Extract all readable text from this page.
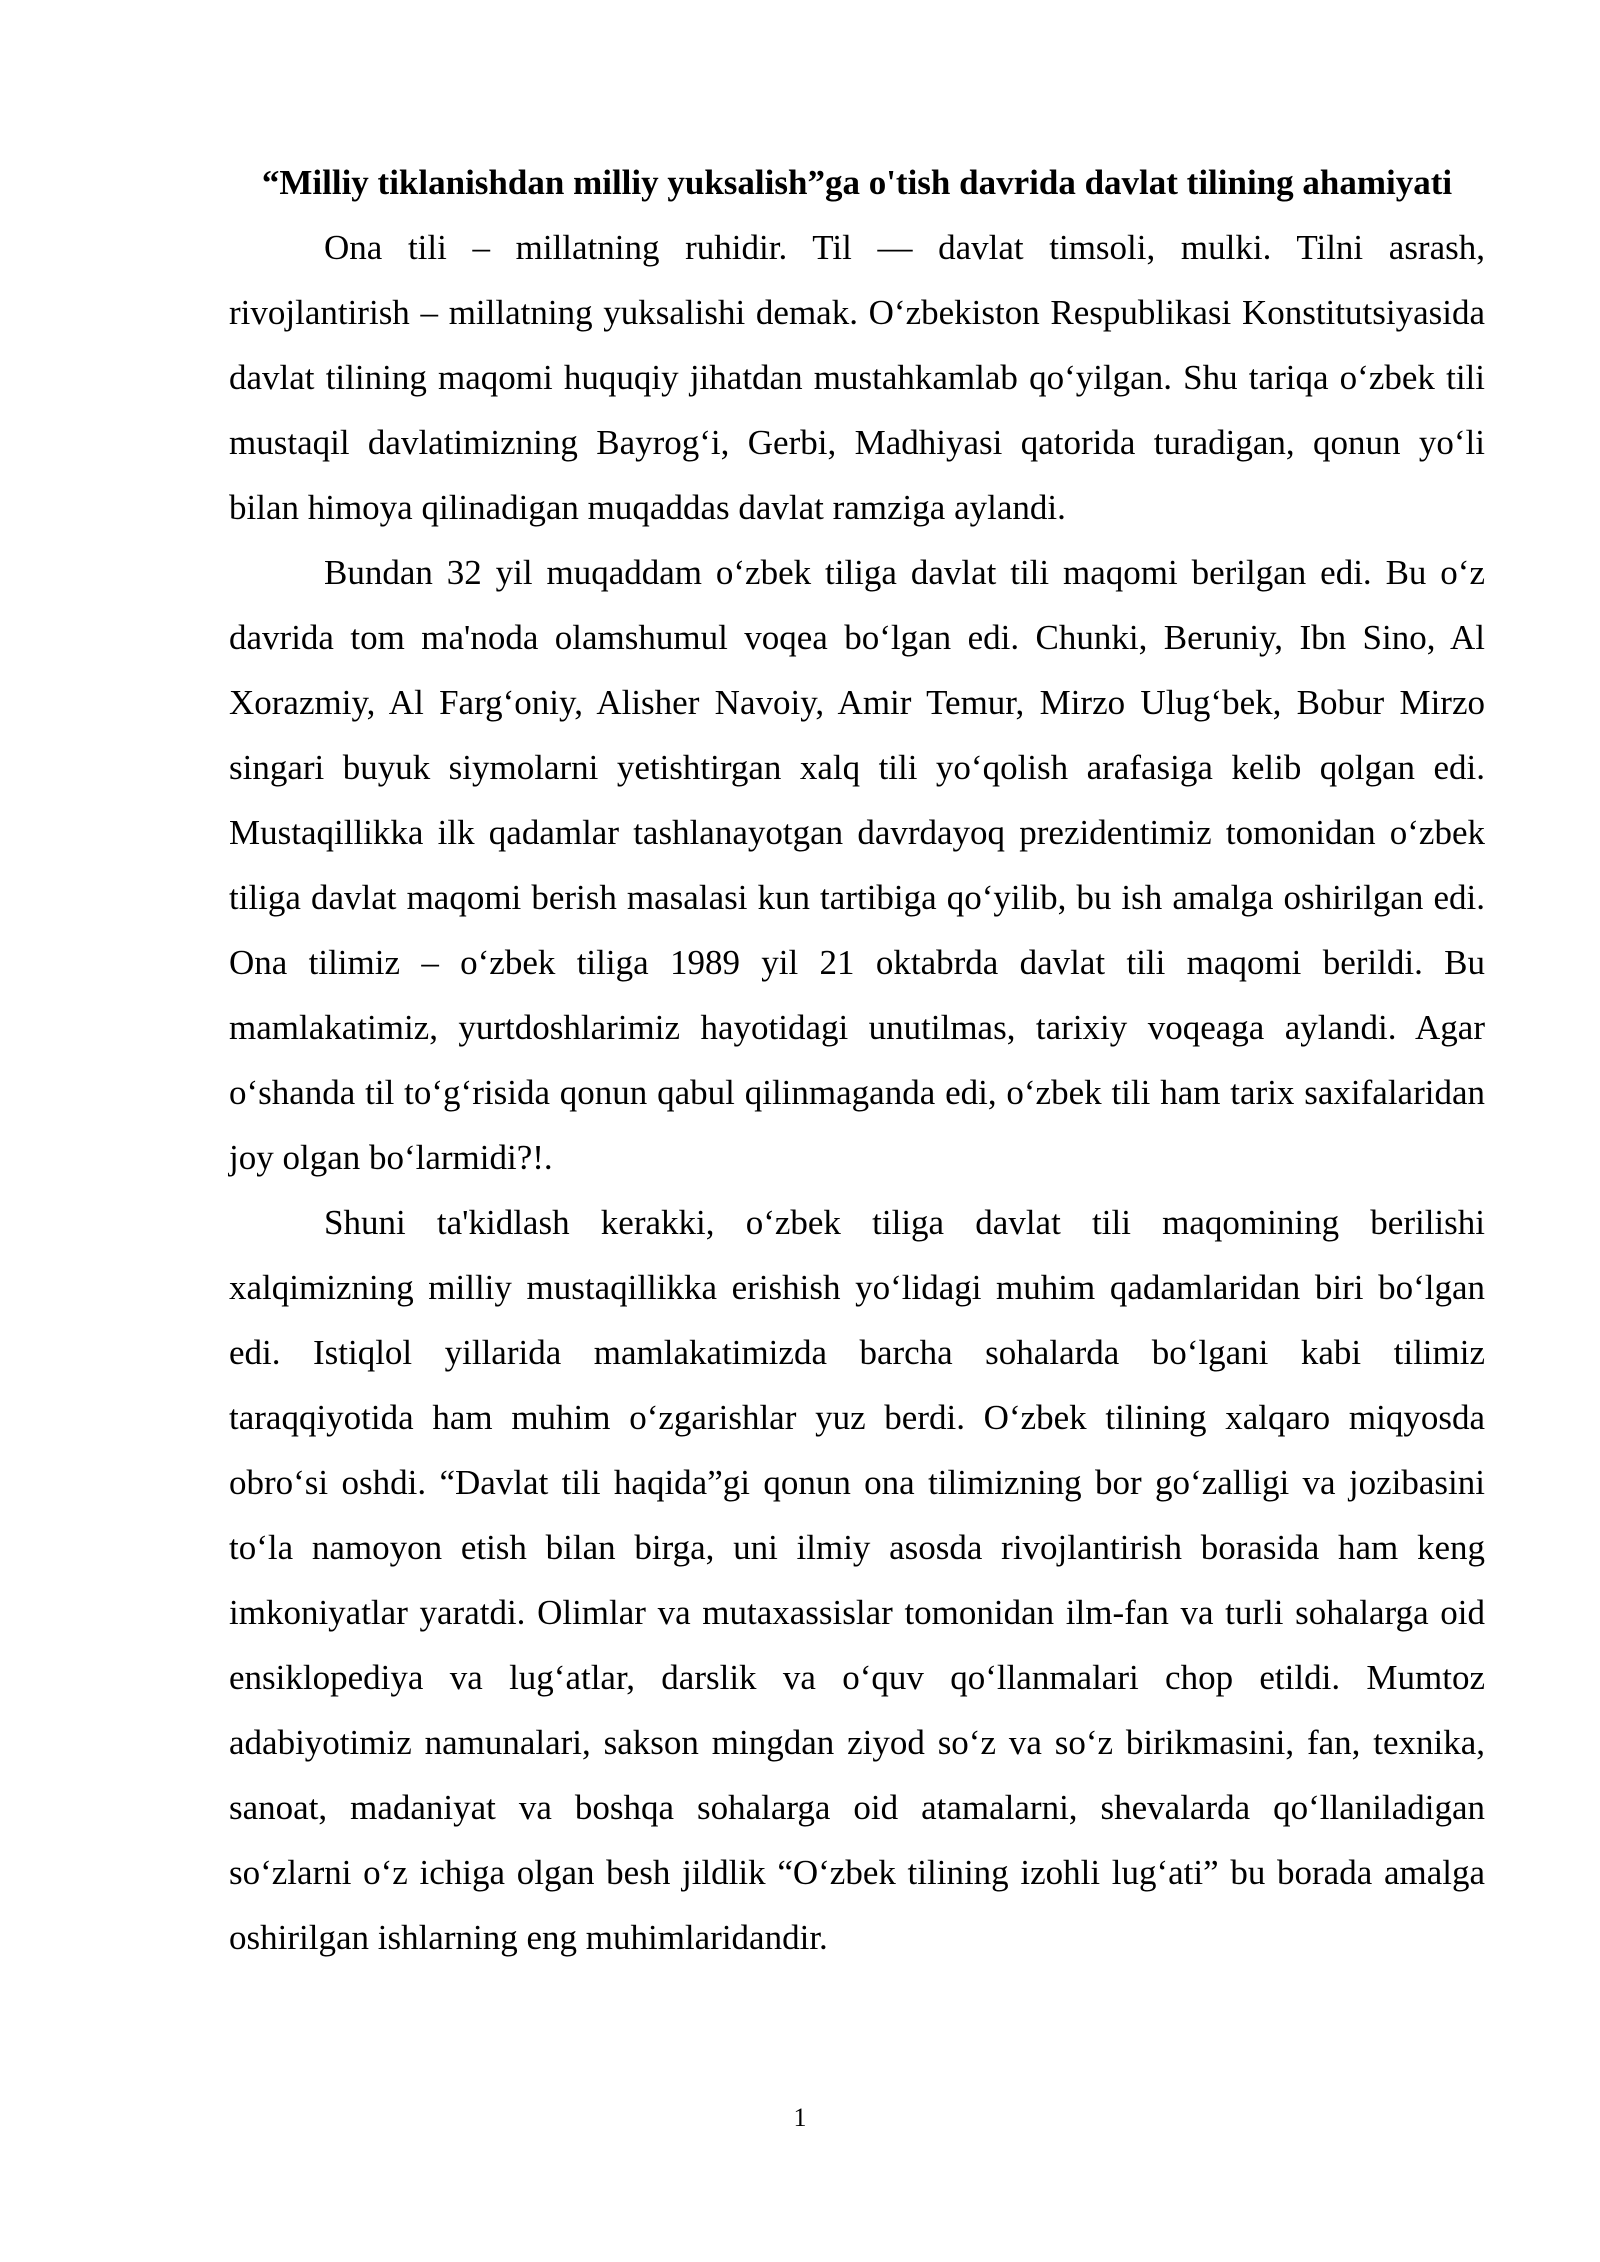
“Milliy tiklanishdan milliy yuksalish”ga o'tish davrida davlat tilining ahamiyati

Ona tili – millatning ruhidir. Til — davlat timsoli, mulki. Tilni asrash, rivojlantirish – millatning yuksalishi demak. O‘zbekiston Respublikasi Konstitutsiyasida davlat tilining maqomi huquqiy jihatdan mustahkamlab qo‘yilgan. Shu tariqa o‘zbek tili mustaqil davlatimizning Bayrog‘i, Gerbi, Madhiyasi qatorida turadigan, qonun yo‘li bilan himoya qilinadigan muqaddas davlat ramziga aylandi.

Bundan 32 yil muqaddam o‘zbek tiliga davlat tili maqomi berilgan edi. Bu o‘z davrida tom ma'noda olamshumul voqea bo‘lgan edi. Chunki, Beruniy, Ibn Sino, Al Xorazmiy, Al Farg‘oniy, Alisher Navoiy, Amir Temur, Mirzo Ulug‘bek, Bobur Mirzo singari buyuk siymolarni yetishtirgan xalq tili yo‘qolish arafasiga kelib qolgan edi. Mustaqillikka ilk qadamlar tashlanayotgan davrdayoq prezidentimiz tomonidan o‘zbek tiliga davlat maqomi berish masalasi kun tartibiga qo‘yilib, bu ish amalga oshirilgan edi. Ona tilimiz – o‘zbek tiliga 1989 yil 21 oktabrda davlat tili maqomi berildi. Bu mamlakatimiz, yurtdoshlarimiz hayotidagi unutilmas, tarixiy voqeaga aylandi. Agar o‘shanda til to‘g‘risida qonun qabul qilinmaganda edi, o‘zbek tili ham tarix saxifalaridan joy olgan bo‘larmidi?!.

Shuni ta'kidlash kerakki, o‘zbek tiliga davlat tili maqomining berilishi xalqimizning milliy mustaqillikka erishish yo‘lidagi muhim qadamlaridan biri bo‘lgan edi. Istiqlol yillarida mamlakatimizda barcha sohalarda bo‘lgani kabi tilimiz taraqqiyotida ham muhim o‘zgarishlar yuz berdi. O‘zbek tilining xalqaro miqyosda obro‘si oshdi. “Davlat tili haqida”gi qonun ona tilimizning bor go‘zalligi va jozibasini to‘la namoyon etish bilan birga, uni ilmiy asosda rivojlantirish borasida ham keng imkoniyatlar yaratdi. Olimlar va mutaxassislar tomonidan ilm-fan va turli sohalarga oid ensiklopediya va lug‘atlar, darslik va o‘quv qo‘llanmalari chop etildi. Mumtoz adabiyotimiz namunalari, sakson mingdan ziyod so‘z va so‘z birikmasini, fan, texnika, sanoat, madaniyat va boshqa sohalarga oid atamalarni, shevalarda qo‘llaniladigan so‘zlarni o‘z ichiga olgan besh jildlik “O‘zbek tilining izohli lug‘ati” bu borada amalga oshirilgan ishlarning eng muhimlaridandir.

1
